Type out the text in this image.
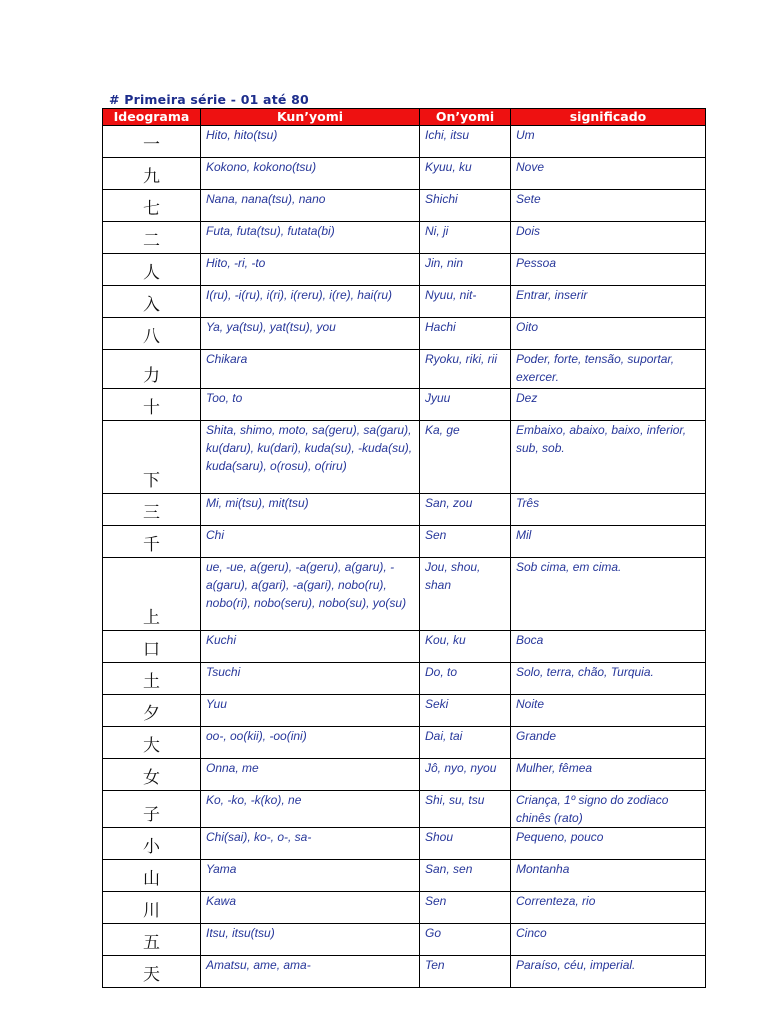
# Primeira série - 01 até 80
Ideograma	Kun’yomi	On’yomi	significado
一	Hito, hito(tsu)	Ichi, itsu	Um
九	Kokono, kokono(tsu)	Kyuu, ku	Nove
七	Nana, nana(tsu), nano	Shichi	Sete
二	Futa, futa(tsu), futata(bi)	Ni, ji	Dois
人	Hito, -ri, -to	Jin, nin	Pessoa
入	I(ru), -i(ru), i(ri), i(reru), i(re), hai(ru)	Nyuu, nit-	Entrar, inserir
八	Ya, ya(tsu), yat(tsu), you	Hachi	Oito
力	Chikara	Ryoku, riki, rii	Poder, forte, tensão, suportar, exercer.
十	Too, to	Jyuu	Dez
下	Shita, shimo, moto, sa(geru), sa(garu), ku(daru), ku(dari), kuda(su), -kuda(su), kuda(saru), o(rosu), o(riru)	Ka, ge	Embaixo, abaixo, baixo, inferior, sub, sob.
三	Mi, mi(tsu), mit(tsu)	San, zou	Três
千	Chi	Sen	Mil
上	ue, -ue, a(geru), -a(geru), a(garu), -a(garu), a(gari), -a(gari), nobo(ru), nobo(ri), nobo(seru), nobo(su), yo(su)	Jou, shou, shan	Sob cima, em cima.
口	Kuchi	Kou, ku	Boca
土	Tsuchi	Do, to	Solo, terra, chão, Turquia.
夕	Yuu	Seki	Noite
大	oo-, oo(kii), -oo(ini)	Dai, tai	Grande
女	Onna, me	Jô, nyo, nyou	Mulher, fêmea
子	Ko, -ko, -k(ko), ne	Shi, su, tsu	Criança, 1º signo do zodiaco chinês (rato)
小	Chi(sai), ko-, o-, sa-	Shou	Pequeno, pouco
山	Yama	San, sen	Montanha
川	Kawa	Sen	Correnteza, rio
五	Itsu, itsu(tsu)	Go	Cinco
天	Amatsu, ame, ama-	Ten	Paraíso, céu, imperial.
